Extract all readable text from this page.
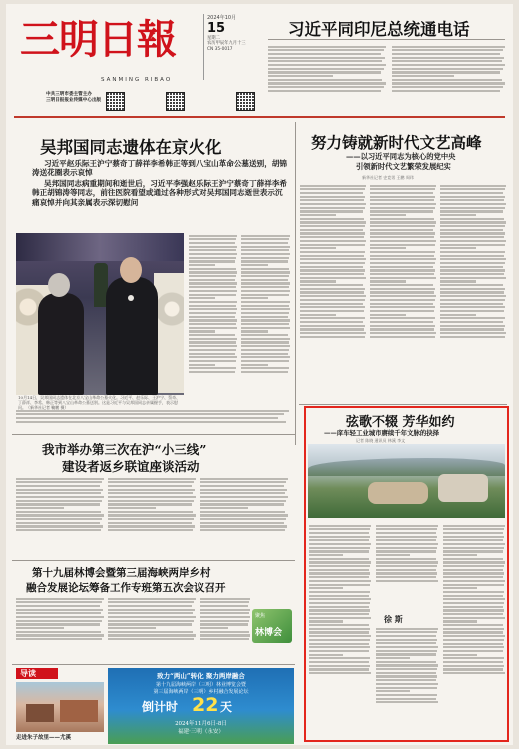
三明日報
SANMING RIBAO
2024年10月
15
星期二
农历甲辰年九月十三
CN 35-0017
中共三明市委主管主办
三明日报报业传媒中心出版
习近平同印尼总统通电话
吴邦国同志遗体在京火化
习近平赵乐际王沪宁蔡奇丁薛祥李希韩正等到八宝山革命公墓送别，胡锦涛送花圈表示哀悼
吴邦国同志病重期间和逝世后，习近平李强赵乐际王沪宁蔡奇丁薛祥李希韩正胡锦涛等同志，前往医院看望或通过各种形式对吴邦国同志逝世表示沉痛哀悼并向其亲属表示深切慰问
10月14日，吴邦国同志遗体在北京八宝山革命公墓火化。习近平、赵乐际、王沪宁、蔡奇、丁薛祥、李希、韩正等到八宝山革命公墓送别。这是习近平与吴邦国同志亲属握手，表示慰问。（新华社记者 鞠鹏 摄）
努力铸就新时代文艺高峰
——以习近平同志为核心的党中央
引领新时代文艺繁荣发展纪实
新华社记者 史竞男 王鹏 周玮
我市举办第三次在沪“小三线”
建设者返乡联谊座谈活动
第十九届林博会暨第三届海峡两岸乡村
融合发展论坛筹备工作专班第五次会议召开
聚焦
林博会
导读
走进朱子故里——尤溪
致力“两山”转化 聚力两岸融合
第十九届海峡两岸（三明）林业博览会暨
第三届海峡两岸（三明）乡村融合发展论坛
倒计时 22 天
2024年11月6日-8日
福建·三明（永安）
弦歌不辍 芳华如约
——庠车轻工业城市赓续千年文脉的抉择
记者 陈晓 通讯员 林溪 李文
徐 斯
